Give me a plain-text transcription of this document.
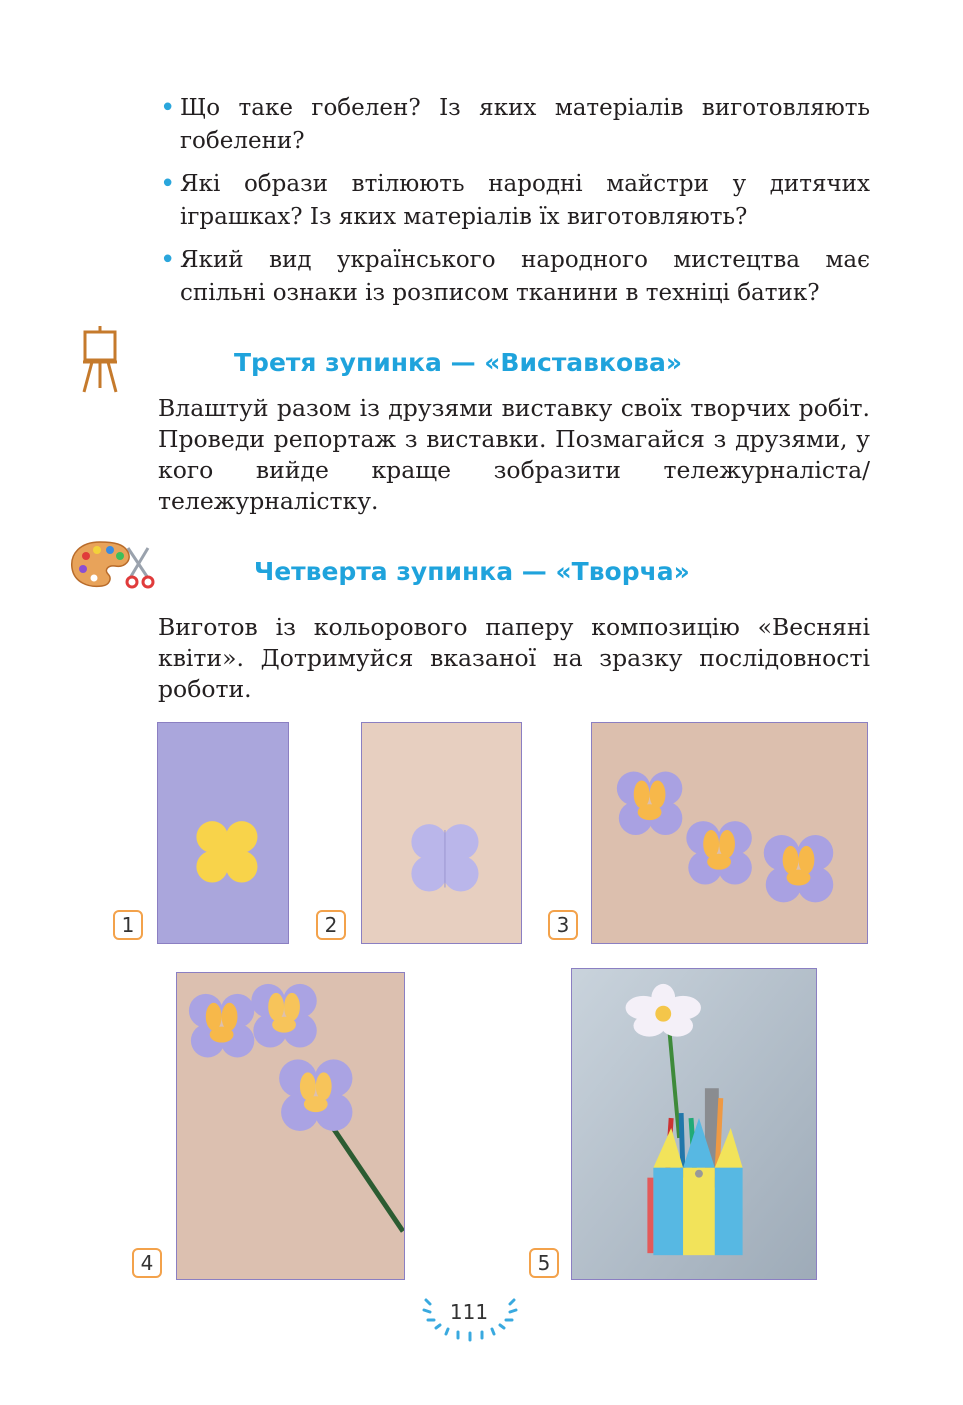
• Що таке гобелен? Із яких матеріалів виготовляють гобелени?
• Які образи втілюють народні майстри у дитячих іграшках? Із яких матеріалів їх виготовляють?
• Який вид українського народного мистецтва має спільні ознаки із розписом тканини в техніці батик?
Третя зупинка — «Виставкова»
Влаштуй разом із друзями виставку своїх творчих робіт. Проведи репортаж з виставки. Позмагайся з друзями, у кого вийде краще зобразити тележурналіста/ тележурналістку.
Четверта зупинка — «Творча»
Виготов із кольорового паперу композицію «Весняні квіти». Дотримуйся вказаної на зразку послідовності роботи.
1	2	3
4	5
111
